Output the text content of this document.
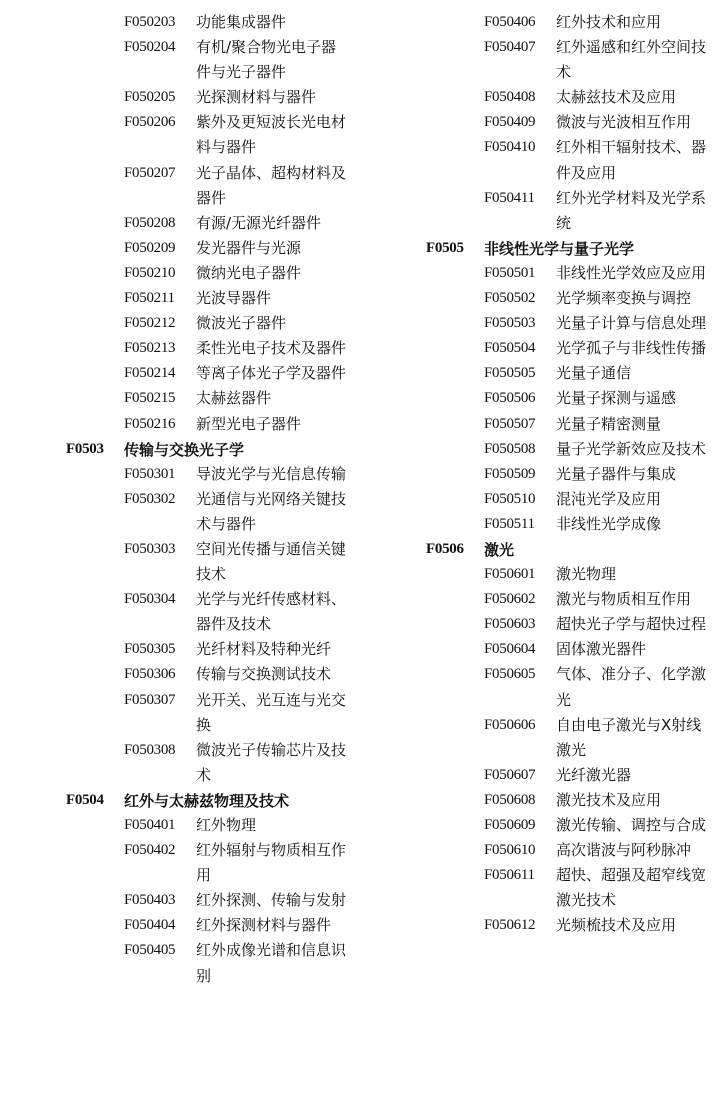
F050203	功能集成器件
F050204	有机/聚合物光电子器件与光子器件
F050205	光探测材料与器件
F050206	紫外及更短波长光电材料与器件
F050207	光子晶体、超构材料及器件
F050208	有源/无源光纤器件
F050209	发光器件与光源
F050210	微纳光电子器件
F050211	光波导器件
F050212	微波光子器件
F050213	柔性光电子技术及器件
F050214	等离子体光子学及器件
F050215	太赫兹器件
F050216	新型光电子器件
F0503	传输与交换光子学
F050301	导波光学与光信息传输
F050302	光通信与光网络关键技术与器件
F050303	空间光传播与通信关键技术
F050304	光学与光纤传感材料、器件及技术
F050305	光纤材料及特种光纤
F050306	传输与交换测试技术
F050307	光开关、光互连与光交换
F050308	微波光子传输芯片及技术
F0504	红外与太赫兹物理及技术
F050401	红外物理
F050402	红外辐射与物质相互作用
F050403	红外探测、传输与发射
F050404	红外探测材料与器件
F050405	红外成像光谱和信息识别
F050406	红外技术和应用
F050407	红外遥感和红外空间技术
F050408	太赫兹技术及应用
F050409	微波与光波相互作用
F050410	红外相干辐射技术、器件及应用
F050411	红外光学材料及光学系统
F0505	非线性光学与量子光学
F050501	非线性光学效应及应用
F050502	光学频率变换与调控
F050503	光量子计算与信息处理
F050504	光学孤子与非线性传播
F050505	光量子通信
F050506	光量子探测与遥感
F050507	光量子精密测量
F050508	量子光学新效应及技术
F050509	光量子器件与集成
F050510	混沌光学及应用
F050511	非线性光学成像
F0506	激光
F050601	激光物理
F050602	激光与物质相互作用
F050603	超快光子学与超快过程
F050604	固体激光器件
F050605	气体、准分子、化学激光
F050606	自由电子激光与X射线激光
F050607	光纤激光器
F050608	激光技术及应用
F050609	激光传输、调控与合成
F050610	高次谐波与阿秒脉冲
F050611	超快、超强及超窄线宽激光技术
F050612	光频梳技术及应用
